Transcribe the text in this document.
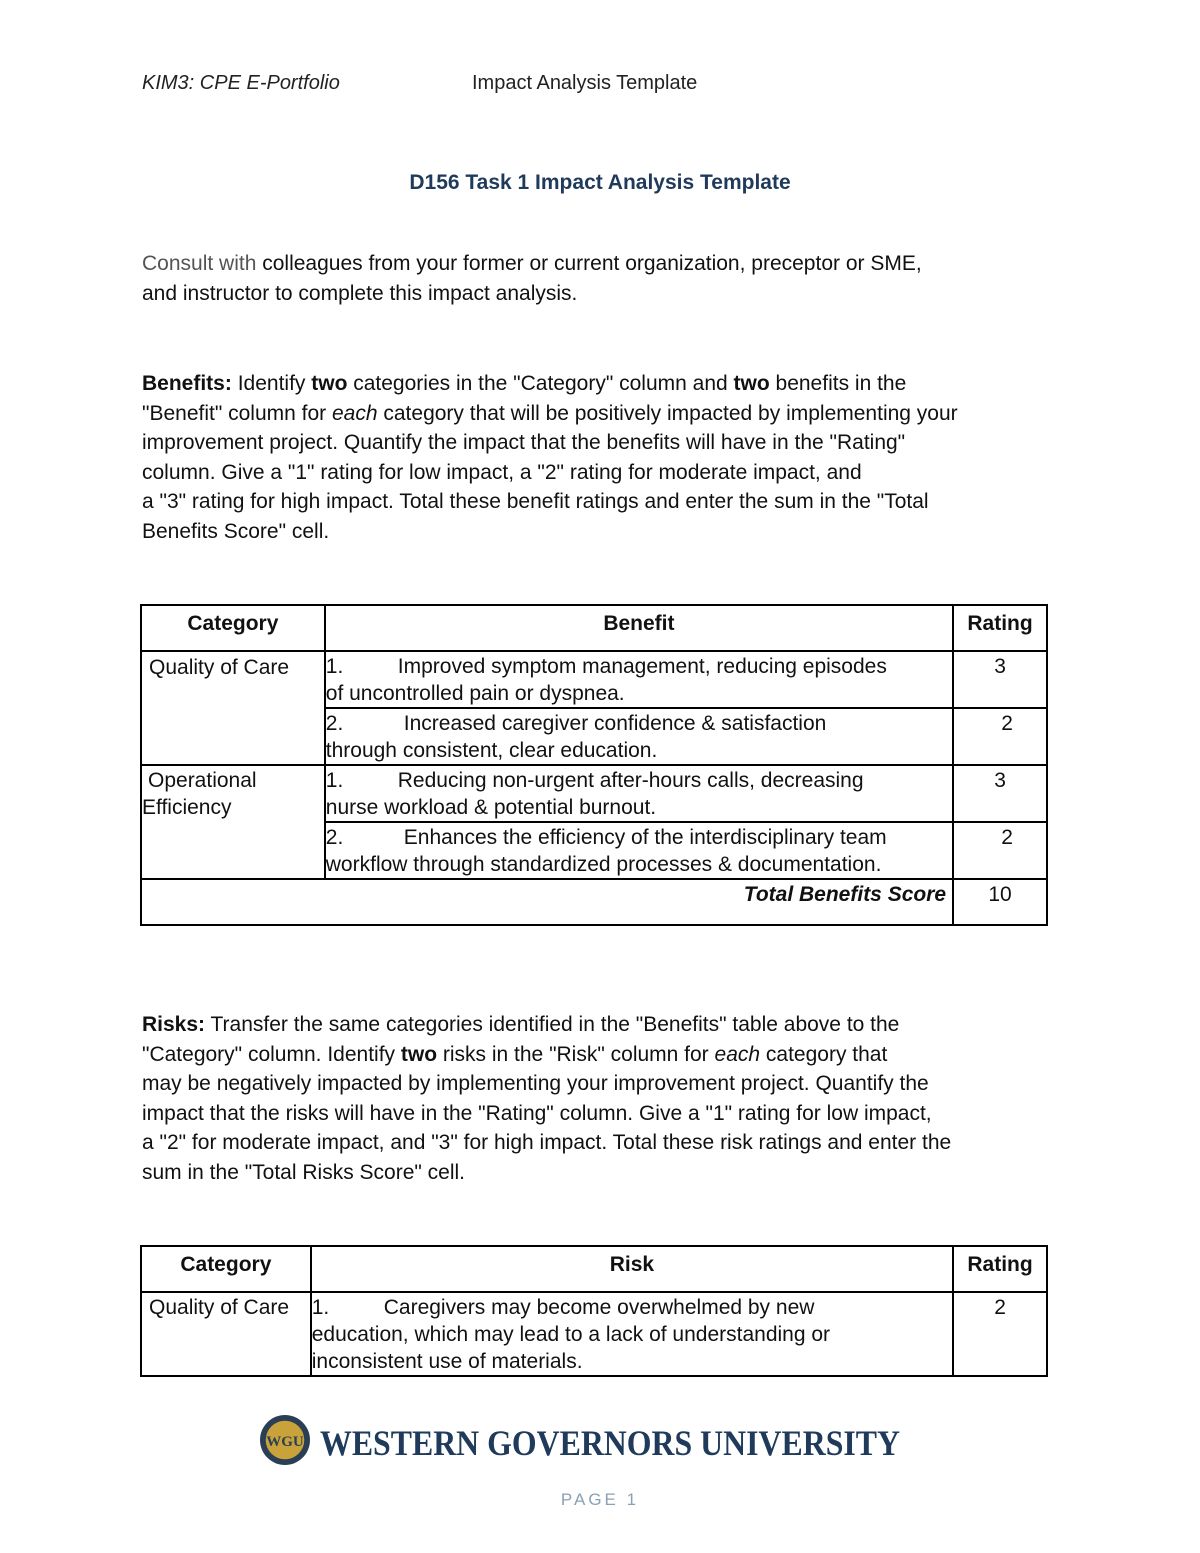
KIM3: CPE E-Portfolio	Impact Analysis Template
D156 Task 1 Impact Analysis Template
Consult with colleagues from your former or current organization, preceptor or SME,
and instructor to complete this impact analysis.
Benefits: Identify two categories in the "Category" column and two benefits in the
"Benefit" column for each category that will be positively impacted by implementing your
improvement project. Quantify the impact that the benefits will have in the "Rating"
column. Give a "1" rating for low impact, a "2" rating for moderate impact, and
a "3" rating for high impact. Total these benefit ratings and enter the sum in the "Total
Benefits Score" cell.
Category	Benefit	Rating
Quality of Care	1. Improved symptom management, reducing episodes
of uncontrolled pain or dyspnea.	3
	2. Increased caregiver confidence & satisfaction
through consistent, clear education.	2
Operational
Efficiency	1. Reducing non-urgent after-hours calls, decreasing
nurse workload & potential burnout.	3
	2. Enhances the efficiency of the interdisciplinary team
workflow through standardized processes & documentation.	2
Total Benefits Score		10
Risks: Transfer the same categories identified in the "Benefits" table above to the
"Category" column. Identify two risks in the "Risk" column for each category that
may be negatively impacted by implementing your improvement project. Quantify the
impact that the risks will have in the "Rating" column. Give a "1" rating for low impact,
a "2" for moderate impact, and "3" for high impact. Total these risk ratings and enter the
sum in the "Total Risks Score" cell.
Category	Risk	Rating
Quality of Care	1. Caregivers may become overwhelmed by new
education, which may lead to a lack of understanding or
inconsistent use of materials.	2
WGU WESTERN GOVERNORS UNIVERSITY
PAGE 1
